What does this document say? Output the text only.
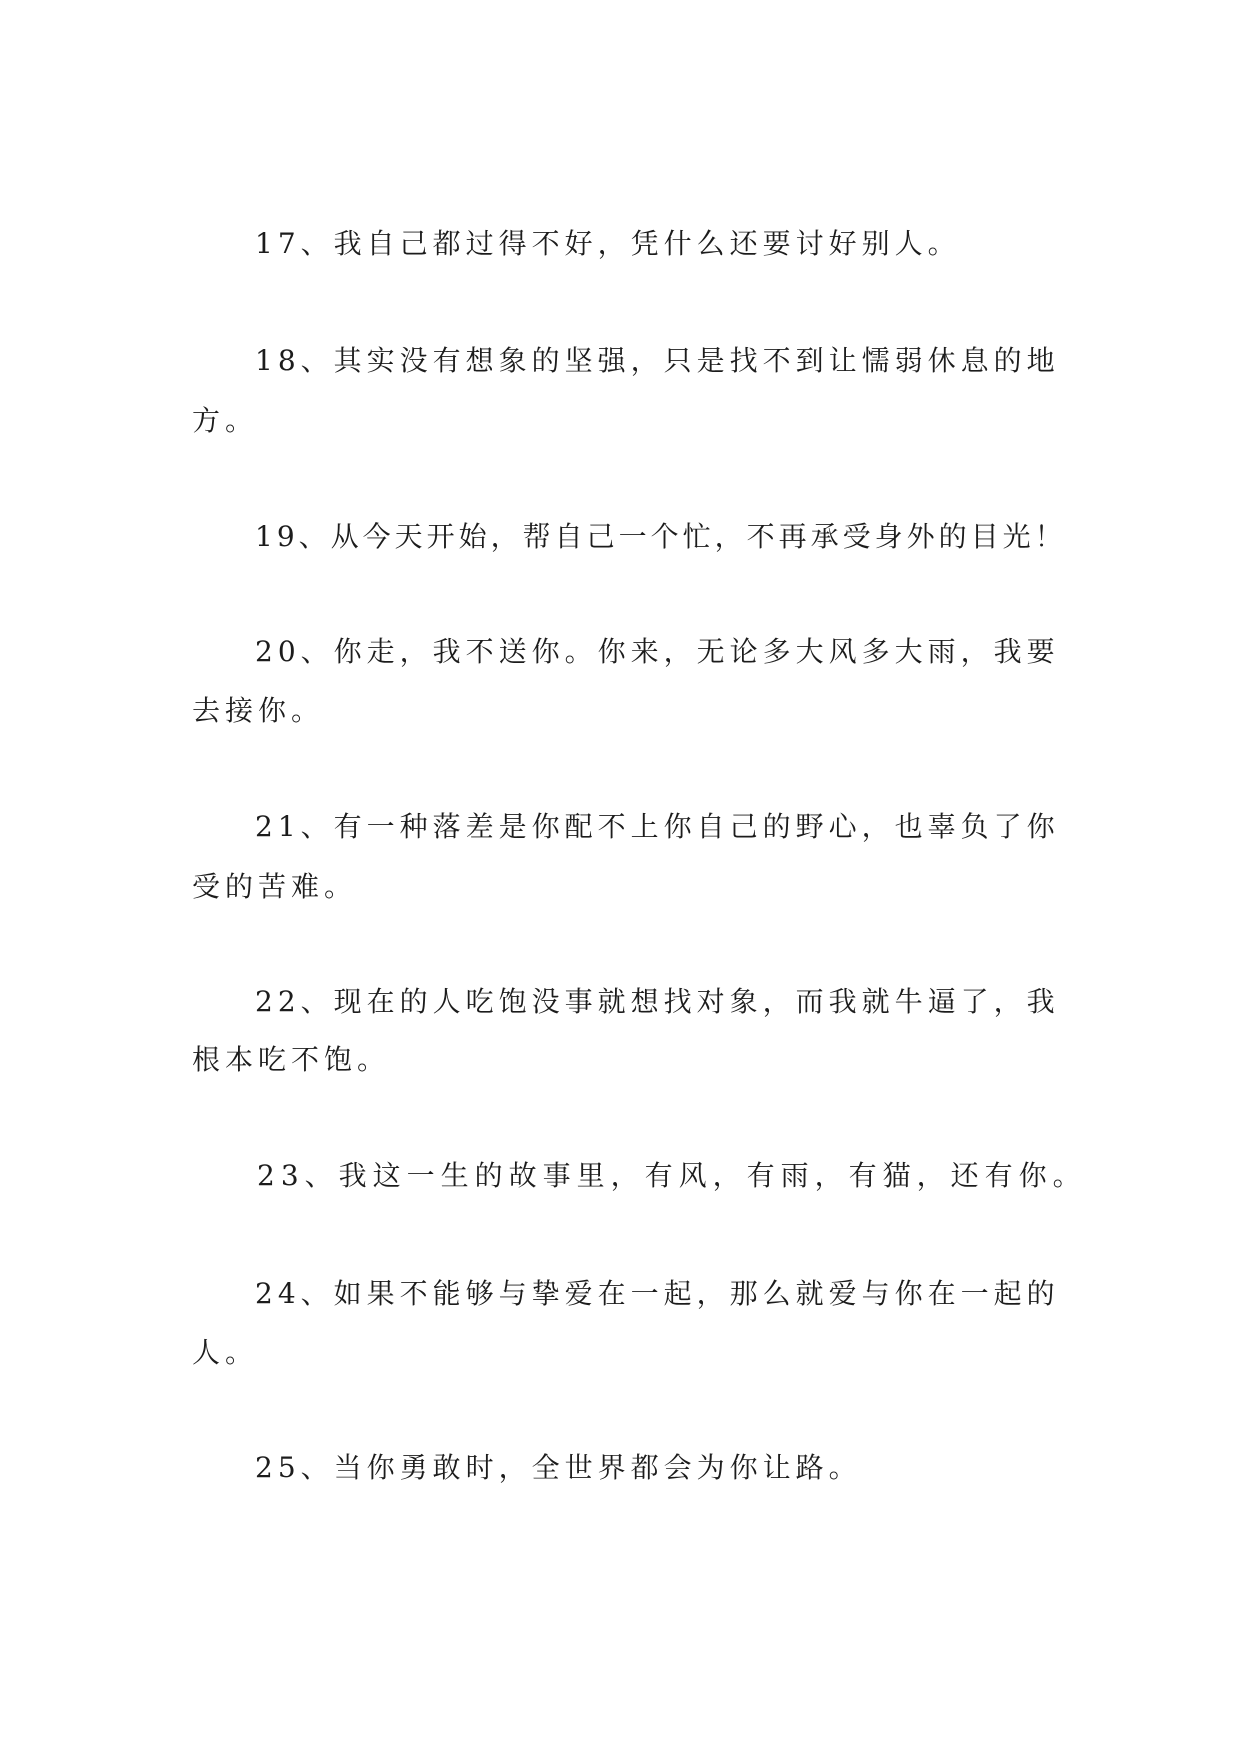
17、我自己都过得不好，凭什么还要讨好别人。
18、其实没有想象的坚强，只是找不到让懦弱休息的地
方。
19、从今天开始，帮自己一个忙，不再承受身外的目光！
20、你走，我不送你。你来，无论多大风多大雨，我要
去接你。
21、有一种落差是你配不上你自己的野心，也辜负了你
受的苦难。
22、现在的人吃饱没事就想找对象，而我就牛逼了，我
根本吃不饱。
23、我这一生的故事里，有风，有雨，有猫，还有你。
24、如果不能够与挚爱在一起，那么就爱与你在一起的
人。
25、当你勇敢时，全世界都会为你让路。
